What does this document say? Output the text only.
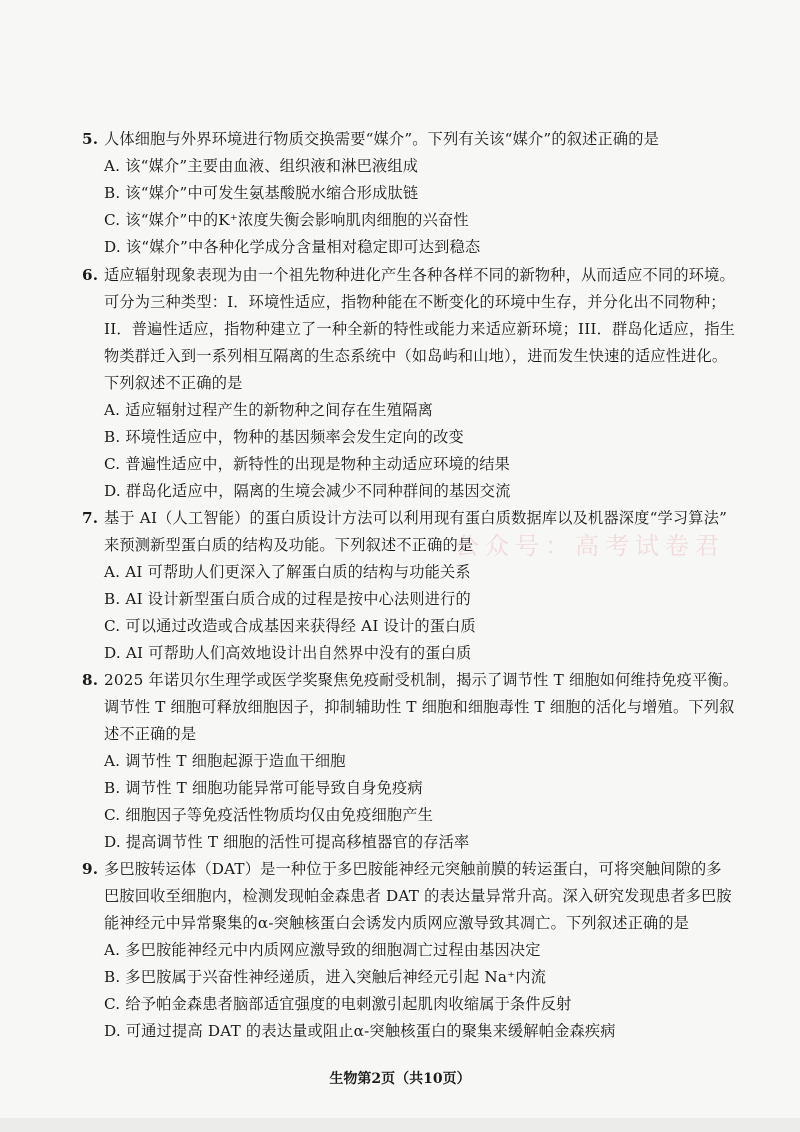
5. 人体细胞与外界环境进行物质交换需要“媒介”。下列有关该“媒介”的叙述正确的是
A. 该“媒介”主要由血液、组织液和淋巴液组成
B. 该“媒介”中可发生氨基酸脱水缩合形成肽链
C. 该“媒介”中的K⁺浓度失衡会影响肌肉细胞的兴奋性
D. 该“媒介”中各种化学成分含量相对稳定即可达到稳态
6. 适应辐射现象表现为由一个祖先物种进化产生各种各样不同的新物种，从而适应不同的环境。
可分为三种类型：I．环境性适应，指物种能在不断变化的环境中生存，并分化出不同物种；
II．普遍性适应，指物种建立了一种全新的特性或能力来适应新环境；III．群岛化适应，指生
物类群迁入到一系列相互隔离的生态系统中（如岛屿和山地），进而发生快速的适应性进化。
下列叙述不正确的是
A. 适应辐射过程产生的新物种之间存在生殖隔离
B. 环境性适应中，物种的基因频率会发生定向的改变
C. 普遍性适应中，新特性的出现是物种主动适应环境的结果
D. 群岛化适应中，隔离的生境会减少不同种群间的基因交流
7. 基于 AI（人工智能）的蛋白质设计方法可以利用现有蛋白质数据库以及机器深度“学习算法”
来预测新型蛋白质的结构及功能。下列叙述不正确的是
A. AI 可帮助人们更深入了解蛋白质的结构与功能关系
B. AI 设计新型蛋白质合成的过程是按中心法则进行的
C. 可以通过改造或合成基因来获得经 AI 设计的蛋白质
D. AI 可帮助人们高效地设计出自然界中没有的蛋白质
8. 2025 年诺贝尔生理学或医学奖聚焦免疫耐受机制，揭示了调节性 T 细胞如何维持免疫平衡。
调节性 T 细胞可释放细胞因子，抑制辅助性 T 细胞和细胞毒性 T 细胞的活化与增殖。下列叙
述不正确的是
A. 调节性 T 细胞起源于造血干细胞
B. 调节性 T 细胞功能异常可能导致自身免疫病
C. 细胞因子等免疫活性物质均仅由免疫细胞产生
D. 提高调节性 T 细胞的活性可提高移植器官的存活率
9. 多巴胺转运体（DAT）是一种位于多巴胺能神经元突触前膜的转运蛋白，可将突触间隙的多
巴胺回收至细胞内，检测发现帕金森患者 DAT 的表达量异常升高。深入研究发现患者多巴胺
能神经元中异常聚集的α-突触核蛋白会诱发内质网应激导致其凋亡。下列叙述正确的是
A. 多巴胺能神经元中内质网应激导致的细胞凋亡过程由基因决定
B. 多巴胺属于兴奋性神经递质，进入突触后神经元引起 Na⁺内流
C. 给予帕金森患者脑部适宜强度的电刺激引起肌肉收缩属于条件反射
D. 可通过提高 DAT 的表达量或阻止α-突触核蛋白的聚集来缓解帕金森疾病
公众号：高考试卷君
生物第2页（共10页）
